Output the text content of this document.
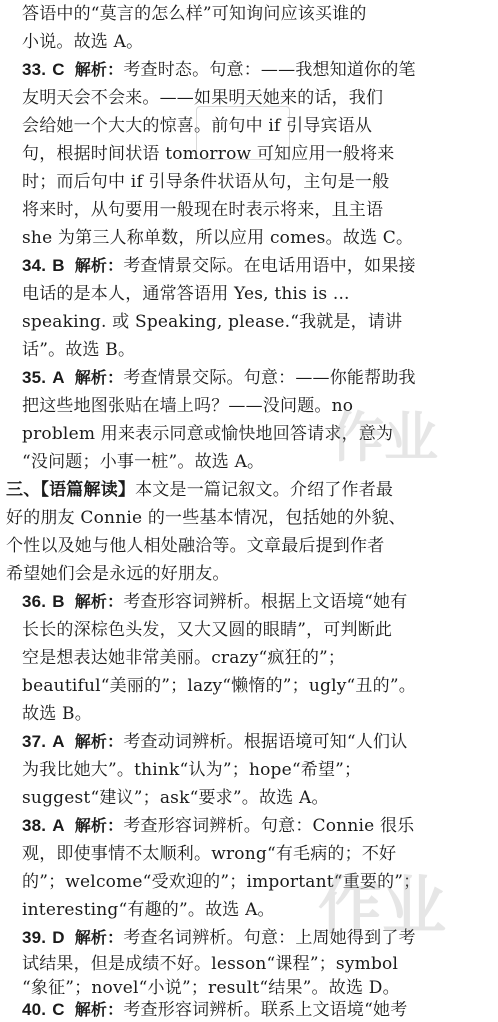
答语中的“莫言的怎么样”可知询问应该买谁的
小说。故选 A。
33. C 解析：考查时态。句意：——我想知道你的笔
友明天会不会来。——如果明天她来的话，我们
会给她一个大大的惊喜。前句中 if 引导宾语从
句，根据时间状语 tomorrow 可知应用一般将来
时；而后句中 if 引导条件状语从句，主句是一般
将来时，从句要用一般现在时表示将来，且主语
she 为第三人称单数，所以应用 comes。故选 C。
34. B 解析：考查情景交际。在电话用语中，如果接
电话的是本人，通常答语用 Yes, this is ...
speaking. 或 Speaking, please.“我就是，请讲
话”。故选 B。
35. A 解析：考查情景交际。句意：——你能帮助我
把这些地图张贴在墙上吗？——没问题。no
problem 用来表示同意或愉快地回答请求，意为
“没问题；小事一桩”。故选 A。
三、【语篇解读】本文是一篇记叙文。介绍了作者最
好的朋友 Connie 的一些基本情况，包括她的外貌、
个性以及她与他人相处融洽等。文章最后提到作者
希望她们会是永远的好朋友。
36. B 解析：考查形容词辨析。根据上文语境“她有
长长的深棕色头发，又大又圆的眼睛”，可判断此
空是想表达她非常美丽。crazy“疯狂的”；
beautiful“美丽的”；lazy“懒惰的”；ugly“丑的”。
故选 B。
37. A 解析：考查动词辨析。根据语境可知“人们认
为我比她大”。think“认为”；hope“希望”；
suggest“建议”；ask“要求”。故选 A。
38. A 解析：考查形容词辨析。句意：Connie 很乐
观，即使事情不太顺利。wrong“有毛病的；不好
的”；welcome“受欢迎的”；important“重要的”；
interesting“有趣的”。故选 A。
39. D 解析：考查名词辨析。句意：上周她得到了考
试结果，但是成绩不好。lesson“课程”；symbol
“象征”；novel“小说”；result“结果”。故选 D。
40. C 解析：考查形容词辨析。联系上文语境“她考
作业
作业
